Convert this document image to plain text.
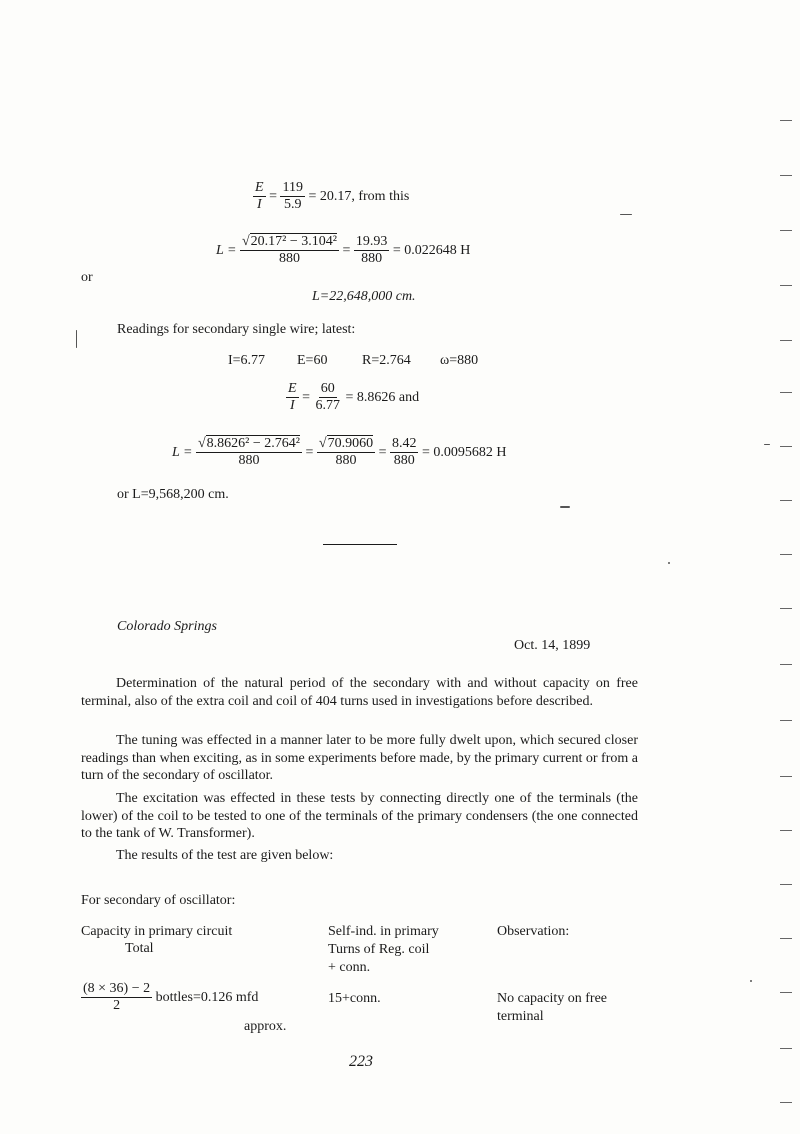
$\frac{E}{I} = \frac{119}{5.9} = 20.17$, from this
$L = \frac{\text{√20.17² − 3.104²}}{880} = \frac{19.93}{880} = 0.022648$ H
or
L=22,648,000 cm.
Readings for secondary single wire; latest:
I=6.77 E=60 R=2.764 ω=880
$\frac{E}{I} = \frac{60}{6.77} = 8.8626$ and
$L = \frac{\text{√8.8626² − 2.764²}}{880} = \frac{√70.9060}{880} = \frac{8.42}{880} = 0.0095682$ H
or L=9,568,200 cm.
Colorado Springs
Oct. 14, 1899
Determination of the natural period of the secondary with and without capacity on free terminal, also of the extra coil and coil of 404 turns used in investigations before described.
The tuning was effected in a manner later to be more fully dwelt upon, which secured closer readings than when exciting, as in some experiments before made, by the primary current or from a turn of the secondary of oscillator.
The excitation was effected in these tests by connecting directly one of the terminals (the lower) of the coil to be tested to one of the terminals of the primary condensers (the one connected to the tank of W. Transformer).
The results of the test are given below:
For secondary of oscillator:
Capacity in primary circuit
Total
Self-ind. in primary
Turns of Reg. coil
+ conn.
Observation:
$\frac{(8 \times 36) - 2}{2}$ bottles=0.126 mfd
approx.
15+conn.	No capacity on free
terminal
223
